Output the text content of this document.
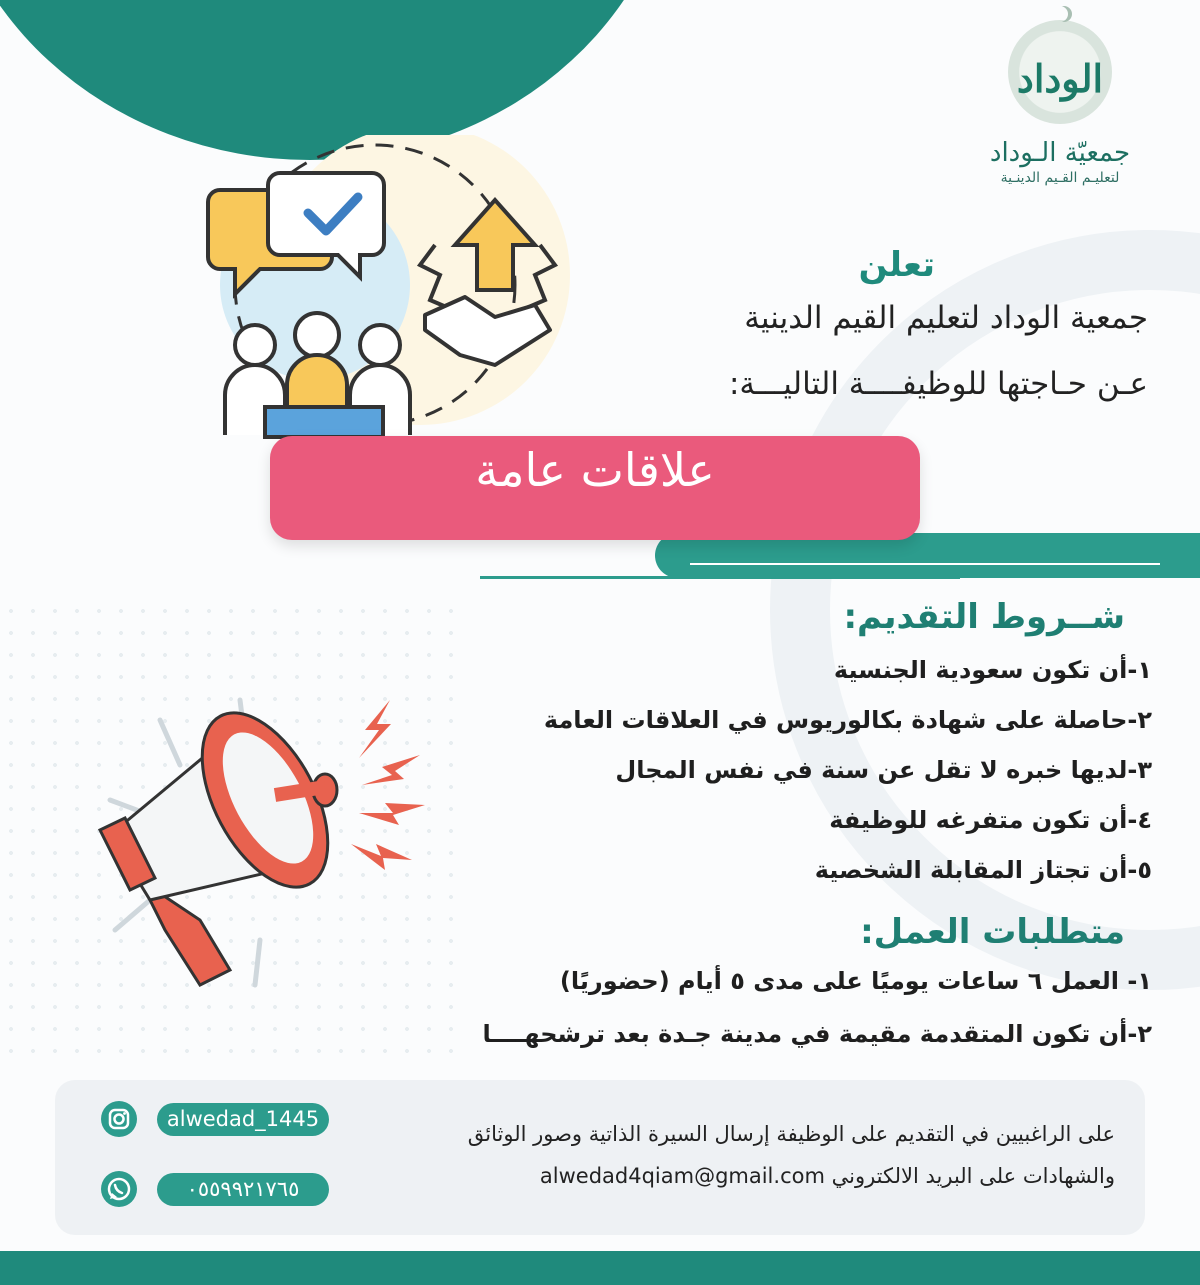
الوداد
جمعيّة الـوداد
لتعليـم القـيم الدينـية
تعلن
جمعية الوداد لتعليم القيم الدينية
عـن حـاجتها للوظيفــــة التاليـــة:
علاقات عامة
شــروط التقديم:
١-أن تكون سعودية الجنسية
٢-حاصلة على شهادة بكالوريوس في العلاقات العامة
٣-لديها خبره لا تقل عن سنة في نفس المجال
٤-أن تكون متفرغه للوظيفة
٥-أن تجتاز المقابلة الشخصية
متطلبات العمل:
١- العمل ٦ ساعات يوميًا على مدى ٥ أيام (حضوريًا)
٢-أن تكون المتقدمة مقيمة في مدينة جـدة بعد ترشحهــــا
alwedad_1445
٠٥٥٩٩٢١٧٦٥
على الراغبيين في التقديم على الوظيفة إرسال السيرة الذاتية وصور الوثائق
والشهادات على البريد الالكتروني alwedad4qiam@gmail.com
